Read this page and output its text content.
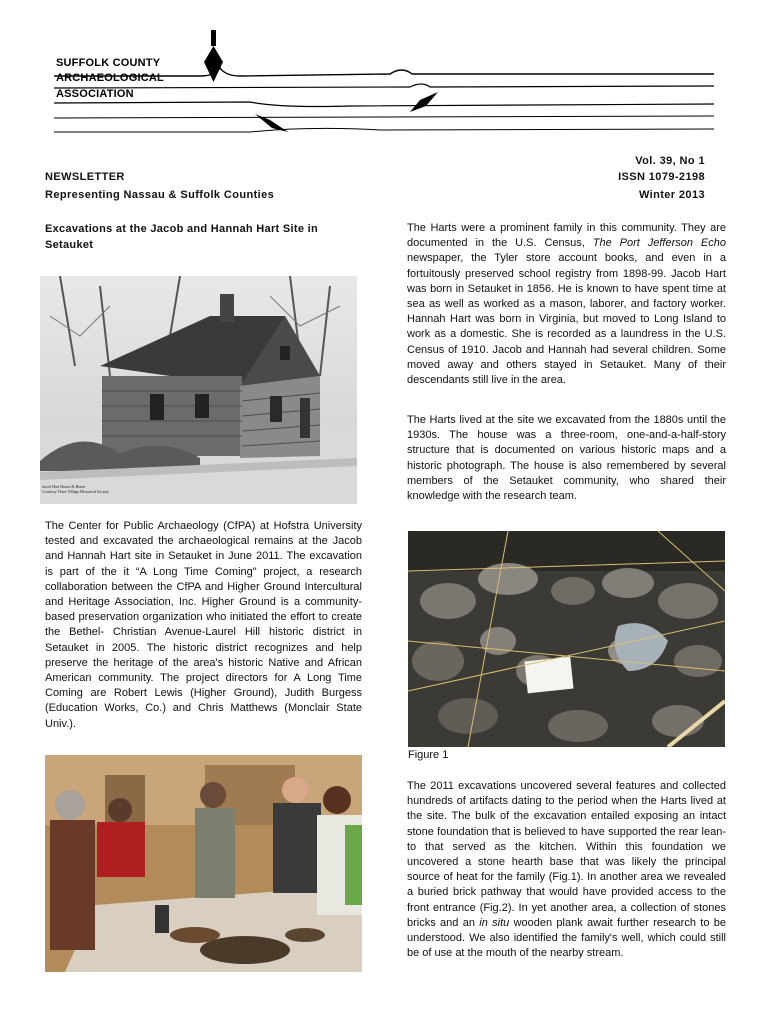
SUFFOLK COUNTY
ARCHAEOLOGICAL
ASSOCIATION
NEWSLETTER
Representing Nassau & Suffolk Counties
Vol. 39, No 1
ISSN 1079-2198
Winter 2013
Excavations at the Jacob and Hannah Hart Site in Setauket
Jacob Hart House & Home
Courtesy Three Village Historical Society
The Center for Public Archaeology (CfPA) at Hofstra University tested and excavated the archaeological remains at the Jacob and Hannah Hart site in Setauket in June 2011. The excavation is part of the it “A Long Time Coming" project, a research collaboration between the CfPA and Higher Ground Intercultural and Heritage Association, Inc. Higher Ground is a community-based preservation organization who initiated the effort to create the Bethel- Christian Avenue-Laurel Hill historic district in Setauket in 2005. The historic district recognizes and help preserve the heritage of the area's historic Native and African American community. The project directors for A Long Time Coming are Robert Lewis (Higher Ground), Judith Burgess (Education Works, Co.) and Chris Matthews (Monclair State Univ.).
The Harts were a prominent family in this community. They are documented in the U.S. Census, The Port Jefferson Echo newspaper, the Tyler store account books, and even in a fortuitously preserved school registry from 1898-99. Jacob Hart was born in Setauket in 1856. He is known to have spent time at sea as well as worked as a mason, laborer, and factory worker. Hannah Hart was born in Virginia, but moved to Long Island to work as a domestic. She is recorded as a laundress in the U.S. Census of 1910. Jacob and Hannah had several children. Some moved away and others stayed in Setauket. Many of their descendants still live in the area.
The Harts lived at the site we excavated from the 1880s until the 1930s. The house was a three-room, one-and-a-half-story structure that is documented on various historic maps and a historic photograph. The house is also remembered by several members of the Setauket community, who shared their knowledge with the research team.
Figure 1
The 2011 excavations uncovered several features and collected hundreds of artifacts dating to the period when the Harts lived at the site. The bulk of the excavation entailed exposing an intact stone foundation that is believed to have supported the rear lean-to that served as the kitchen. Within this foundation we uncovered a stone hearth base that was likely the principal source of heat for the family (Fig.1). In another area we revealed a buried brick pathway that would have provided access to the front entrance (Fig.2). In yet another area, a collection of stones bricks and an in situ wooden plank await further research to be understood. We also identified the family's well, which could still be of use at the mouth of the nearby stream.
